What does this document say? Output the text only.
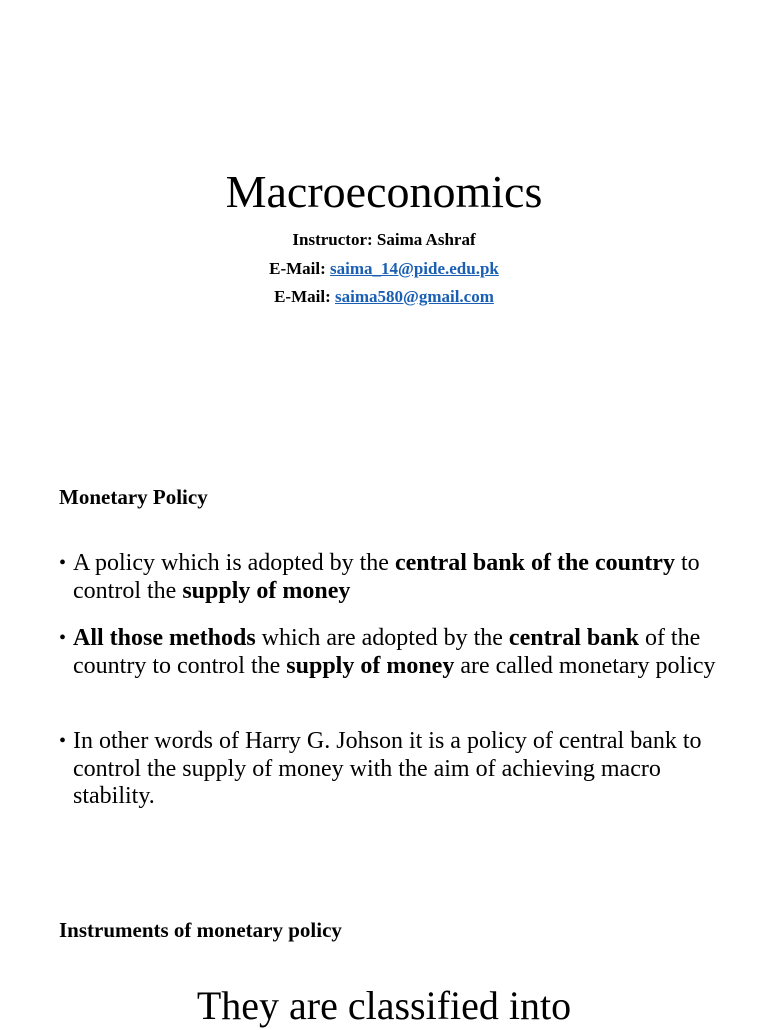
Macroeconomics
Instructor: Saima Ashraf
E-Mail: saima_14@pide.edu.pk
E-Mail: saima580@gmail.com
Monetary Policy
• A policy which is adopted by the central bank of the country to control the supply of money
• All those methods which are adopted by the central bank of the country to control the supply of money are called monetary policy
• In other words of Harry G. Johson it is a policy of central bank to control the supply of money with the aim of achieving macro stability.
Instruments of monetary policy
They are classified into
